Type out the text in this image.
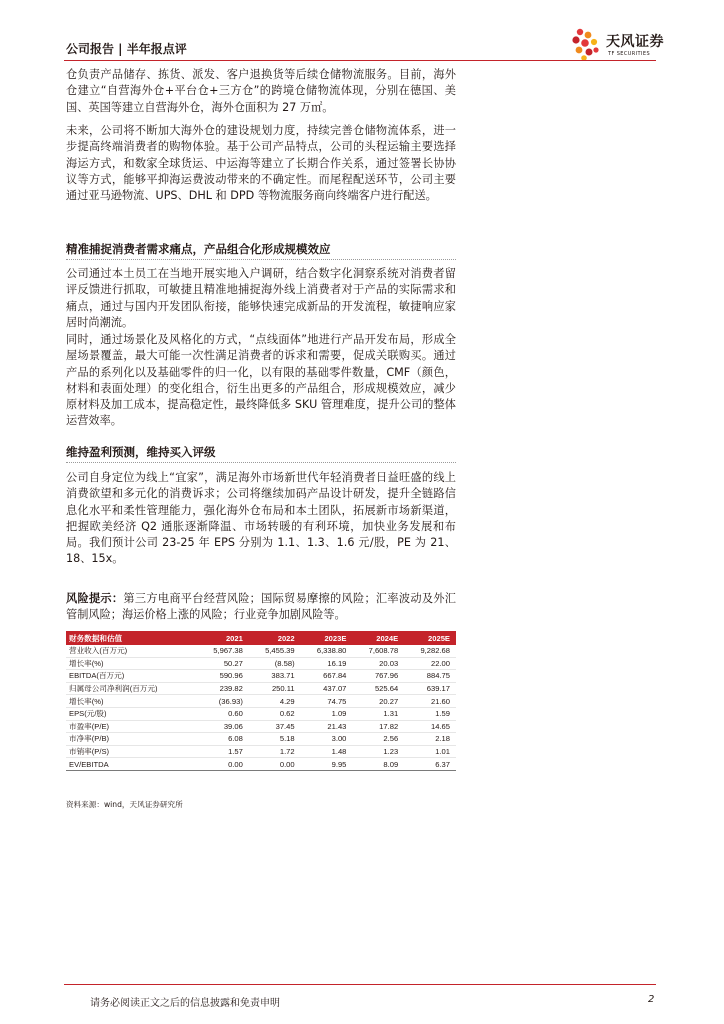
公司报告 | 半年报点评	天风证券
TF SECURITIES

仓负责产品储存、拣货、派发、客户退换货等后续仓储物流服务。目前，海外仓建立“自营海外仓+平台仓+三方仓”的跨境仓储物流体现，分别在德国、美国、英国等建立自营海外仓，海外仓面积为 27 万㎡。

未来，公司将不断加大海外仓的建设规划力度，持续完善仓储物流体系，进一步提高终端消费者的购物体验。基于公司产品特点，公司的头程运输主要选择海运方式，和数家全球货运、中运海等建立了长期合作关系，通过签署长协协议等方式，能够平抑海运费波动带来的不确定性。而尾程配送环节，公司主要通过亚马逊物流、UPS、DHL 和 DPD 等物流服务商向终端客户进行配送。

精准捕捉消费者需求痛点，产品组合化形成规模效应

公司通过本土员工在当地开展实地入户调研，结合数字化洞察系统对消费者留评反馈进行抓取，可敏捷且精准地捕捉海外线上消费者对于产品的实际需求和痛点，通过与国内开发团队衔接，能够快速完成新品的开发流程，敏捷响应家居时尚潮流。

同时，通过场景化及风格化的方式，“点线面体”地进行产品开发布局，形成全屋场景覆盖，最大可能一次性满足消费者的诉求和需要，促成关联购买。通过产品的系列化以及基础零件的归一化，以有限的基础零件数量，CMF（颜色，材料和表面处理）的变化组合，衍生出更多的产品组合，形成规模效应，减少原材料及加工成本，提高稳定性，最终降低多 SKU 管理难度，提升公司的整体运营效率。

维持盈利预测，维持买入评级

公司自身定位为线上“宜家”，满足海外市场新世代年轻消费者日益旺盛的线上消费欲望和多元化的消费诉求；公司将继续加码产品设计研发，提升全链路信息化水平和柔性管理能力，强化海外仓布局和本土团队，拓展新市场新渠道，把握欧美经济 Q2 通胀逐渐降温、市场转暖的有利环境，加快业务发展和布局。我们预计公司 23-25 年 EPS 分别为 1.1、1.3、1.6 元/股，PE 为 21、18、15x。

风险提示：第三方电商平台经营风险；国际贸易摩擦的风险；汇率波动及外汇管制风险；海运价格上涨的风险；行业竞争加剧风险等。

财务数据和估值	2021	2022	2023E	2024E	2025E
营业收入(百万元)	5,967.38	5,455.39	6,338.80	7,608.78	9,282.68
增长率(%)	50.27	(8.58)	16.19	20.03	22.00
EBITDA(百万元)	590.96	383.71	667.84	767.96	884.75
归属母公司净利润(百万元)	239.82	250.11	437.07	525.64	639.17
增长率(%)	(36.93)	4.29	74.75	20.27	21.60
EPS(元/股)	0.60	0.62	1.09	1.31	1.59
市盈率(P/E)	39.06	37.45	21.43	17.82	14.65
市净率(P/B)	6.08	5.18	3.00	2.56	2.18
市销率(P/S)	1.57	1.72	1.48	1.23	1.01
EV/EBITDA	0.00	0.00	9.95	8.09	6.37
资料来源：wind，天风证券研究所
请务必阅读正文之后的信息披露和免责申明	2
